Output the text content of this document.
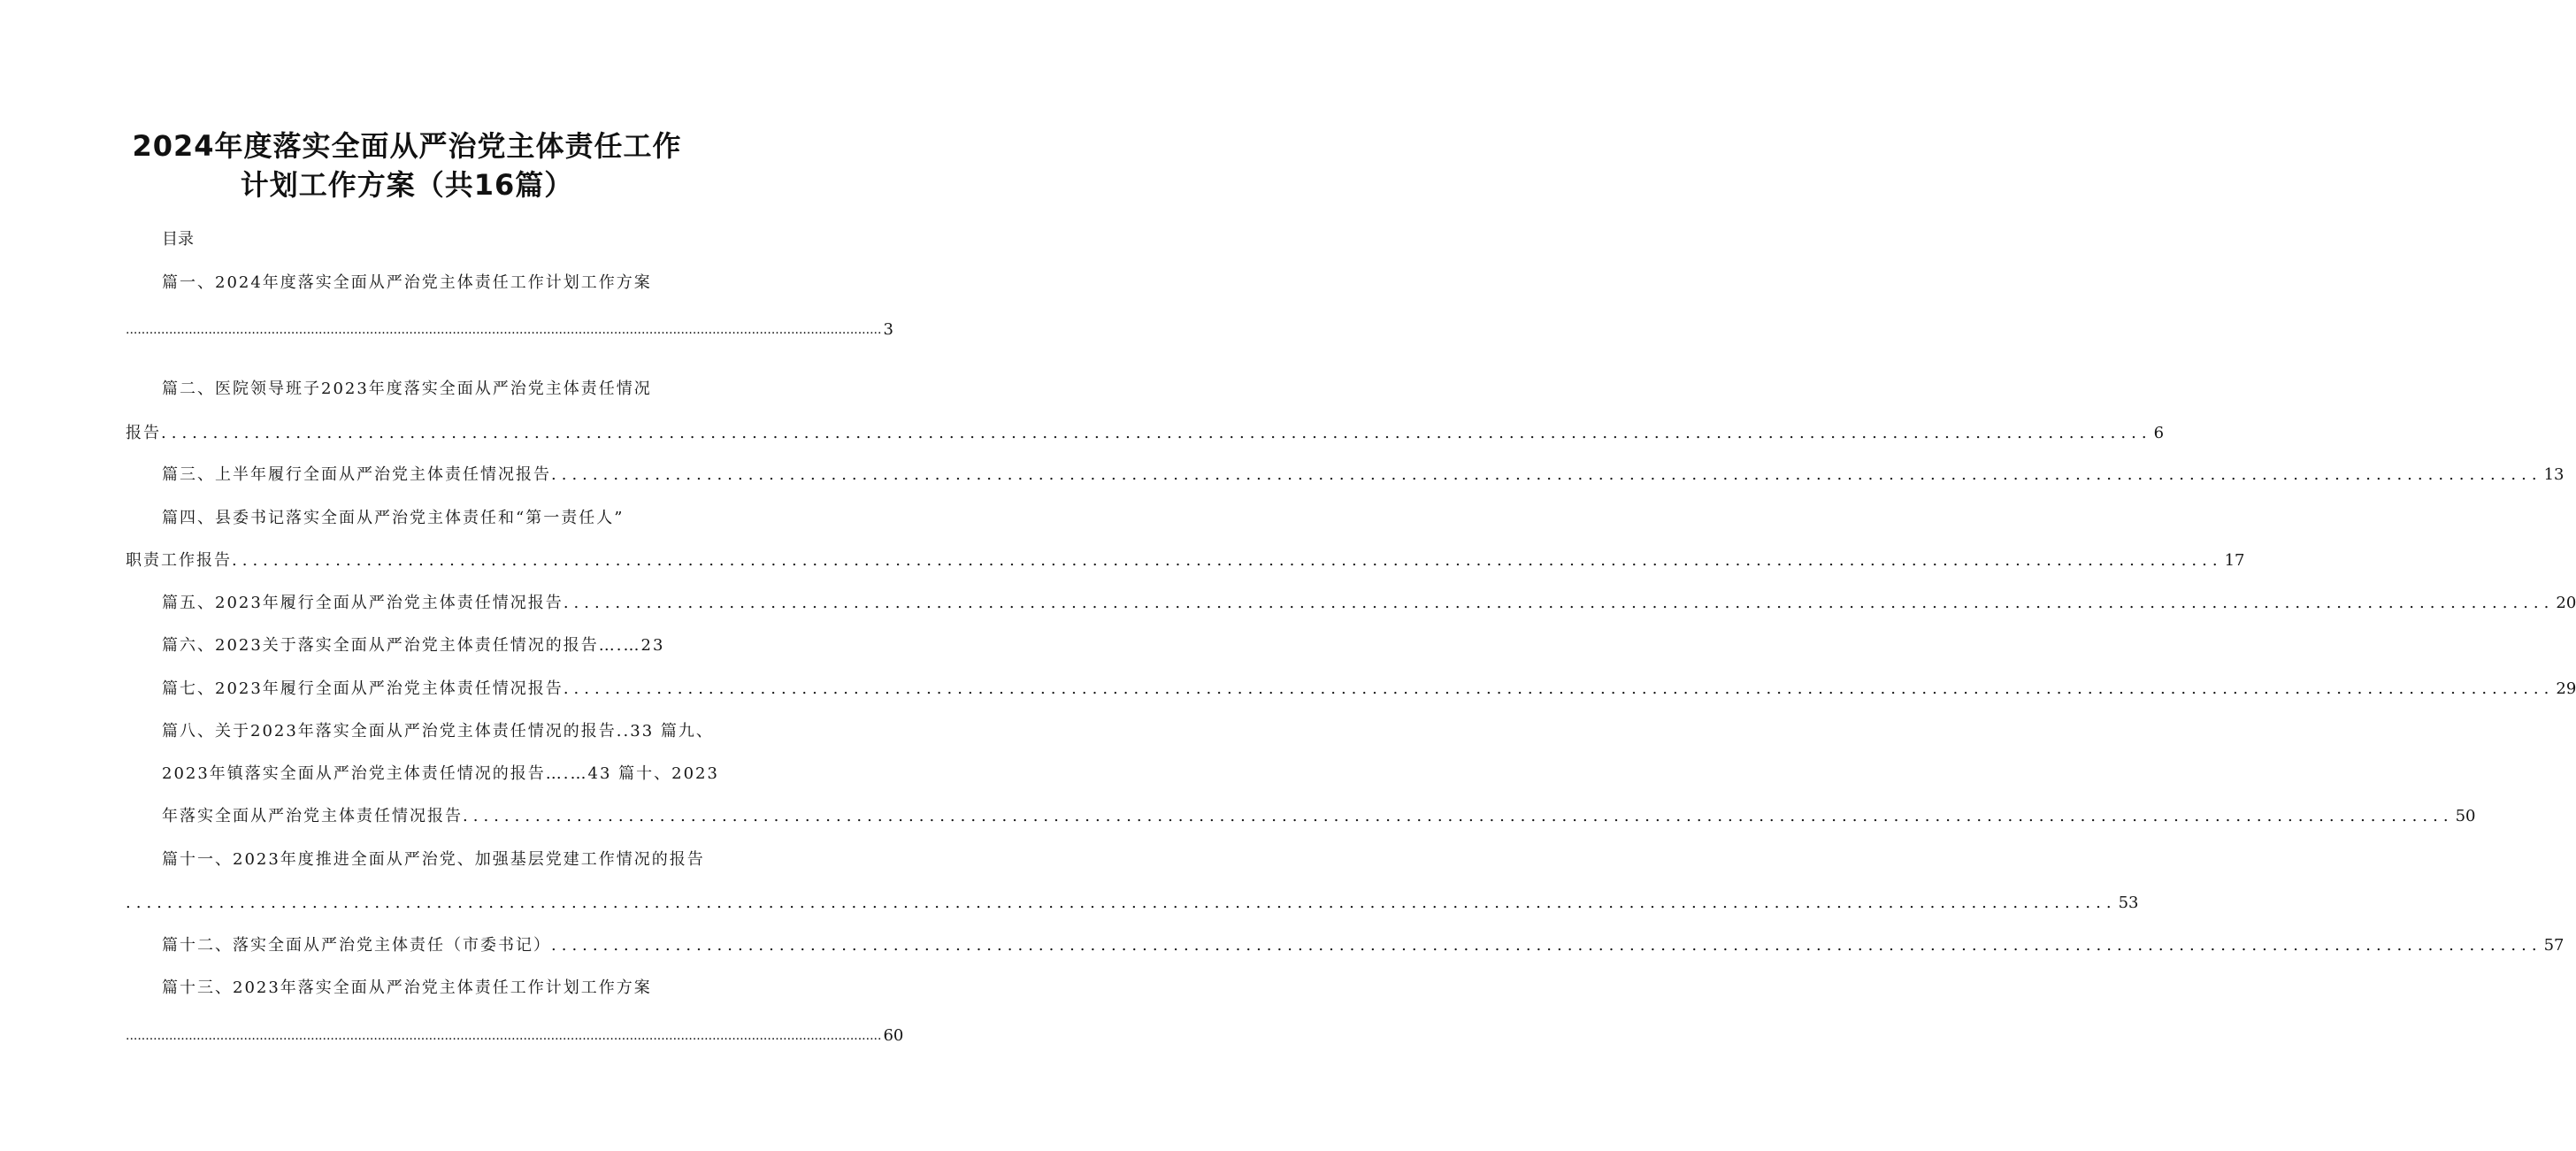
2024年度落实全面从严治党主体责任工作
计划工作方案（共16篇）
目录
篇一、2024年度落实全面从严治党主体责任工作计划工作方案
................................................................................................................................................................................................ 3
篇二、医院领导班子2023年度落实全面从严治党主体责任情况
报告 ................................................................................................................................................................................................ 6
篇三、上半年履行全面从严治党主体责任情况报告 ................................................................................................................................................................................................ 13
篇四、县委书记落实全面从严治党主体责任和“第一责任人”
职责工作报告 ................................................................................................................................................................................................ 17
篇五、2023年履行全面从严治党主体责任情况报告 ................................................................................................................................................................................................ 20
篇六、2023关于落实全面从严治党主体责任情况的报告….…23
篇七、2023年履行全面从严治党主体责任情况报告 ................................................................................................................................................................................................ 29
篇八、关于2023年落实全面从严治党主体责任情况的报告..33 篇九、
2023年镇落实全面从严治党主体责任情况的报告….…43 篇十、2023
年落实全面从严治党主体责任情况报告 ................................................................................................................................................................................................ 50
篇十一、2023年度推进全面从严治党、加强基层党建工作情况的报告
................................................................................................................................................................................................ 53
篇十二、落实全面从严治党主体责任（市委书记） ................................................................................................................................................................................................ 57
篇十三、2023年落实全面从严治党主体责任工作计划工作方案
................................................................................................................................................................................................ 60
